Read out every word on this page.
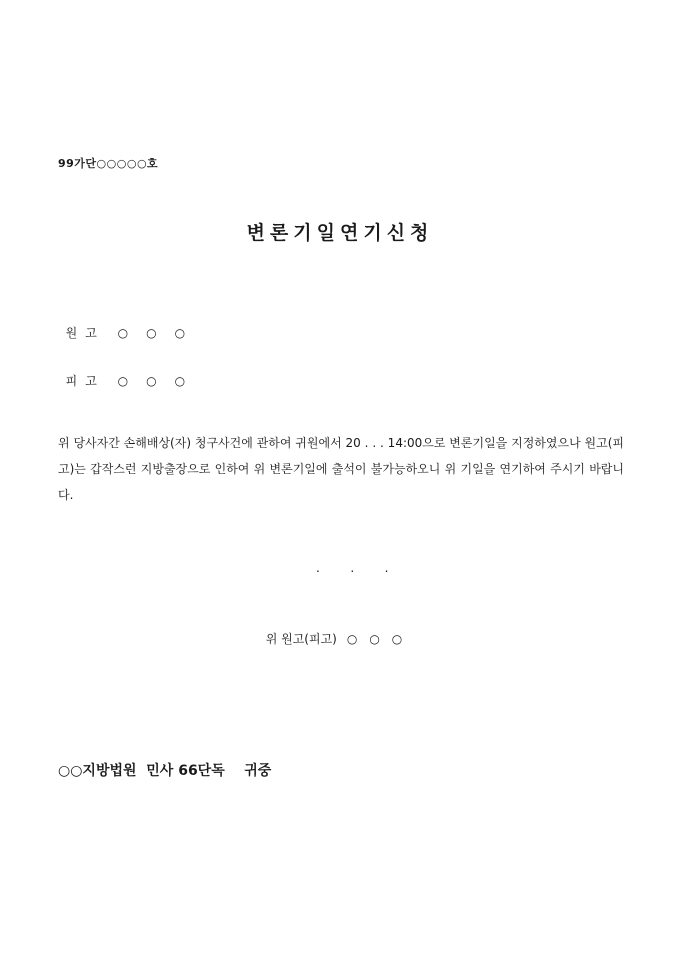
99가단○○○○○호
변론기일연기신청

원고 ○○○

피고 ○○○

위 당사자간 손해배상(자) 청구사건에 관하여 귀원에서 20 . . . 14:00으로 변론기일을 지정하였으나 원고(피고)는 갑작스런 지방출장으로 인하여 위 변론기일에 출석이 불가능하오니 위 기일을 연기하여 주시기 바랍니다.
.        .        .
위 원고(피고) ○○○
○○지방법원  민사 66단독    귀중
